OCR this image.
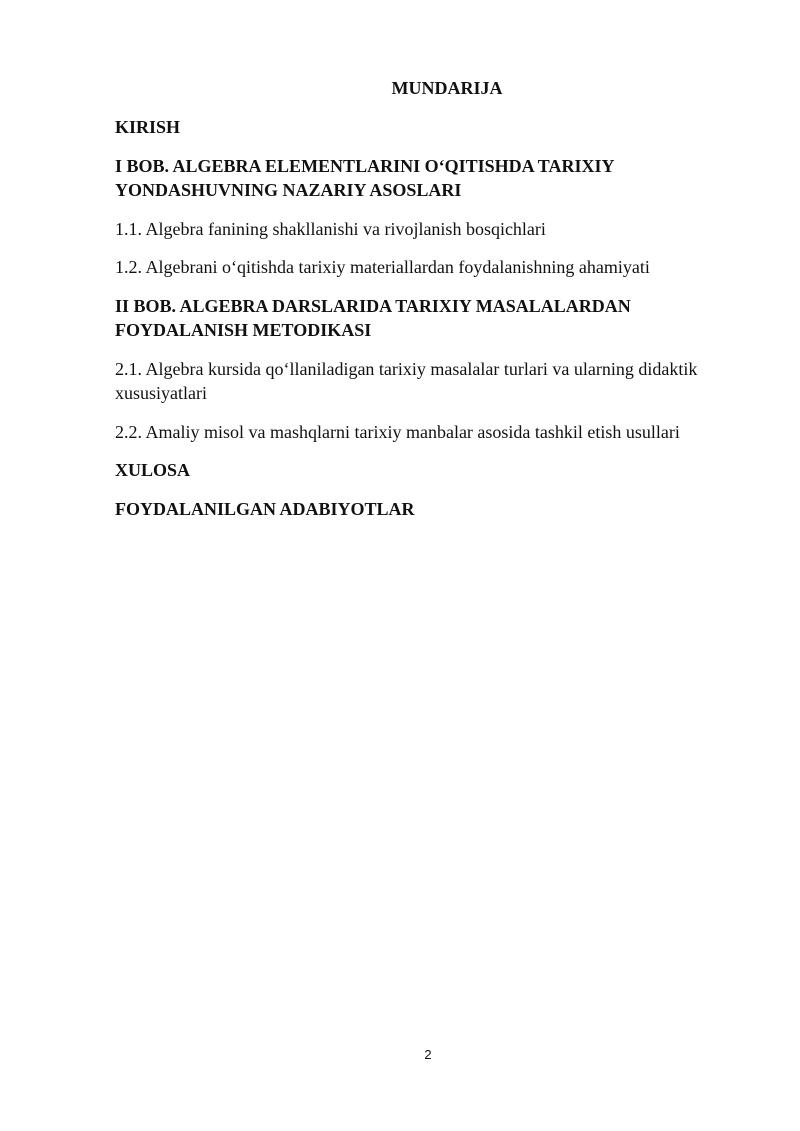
MUNDARIJA
KIRISH
I BOB. ALGEBRA ELEMENTLARINI O‘QITISHDA TARIXIY YONDASHUVNING NAZARIY ASOSLARI
1.1. Algebra fanining shakllanishi va rivojlanish bosqichlari
1.2. Algebrani o‘qitishda tarixiy materiallardan foydalanishning ahamiyati
II BOB. ALGEBRA DARSLARIDA TARIXIY MASALALARDAN FOYDALANISH METODIKASI
2.1. Algebra kursida qo‘llaniladigan tarixiy masalalar turlari va ularning didaktik xususiyatlari
2.2. Amaliy misol va mashqlarni tarixiy manbalar asosida tashkil etish usullari
XULOSA
FOYDALANILGAN ADABIYOTLAR
2
